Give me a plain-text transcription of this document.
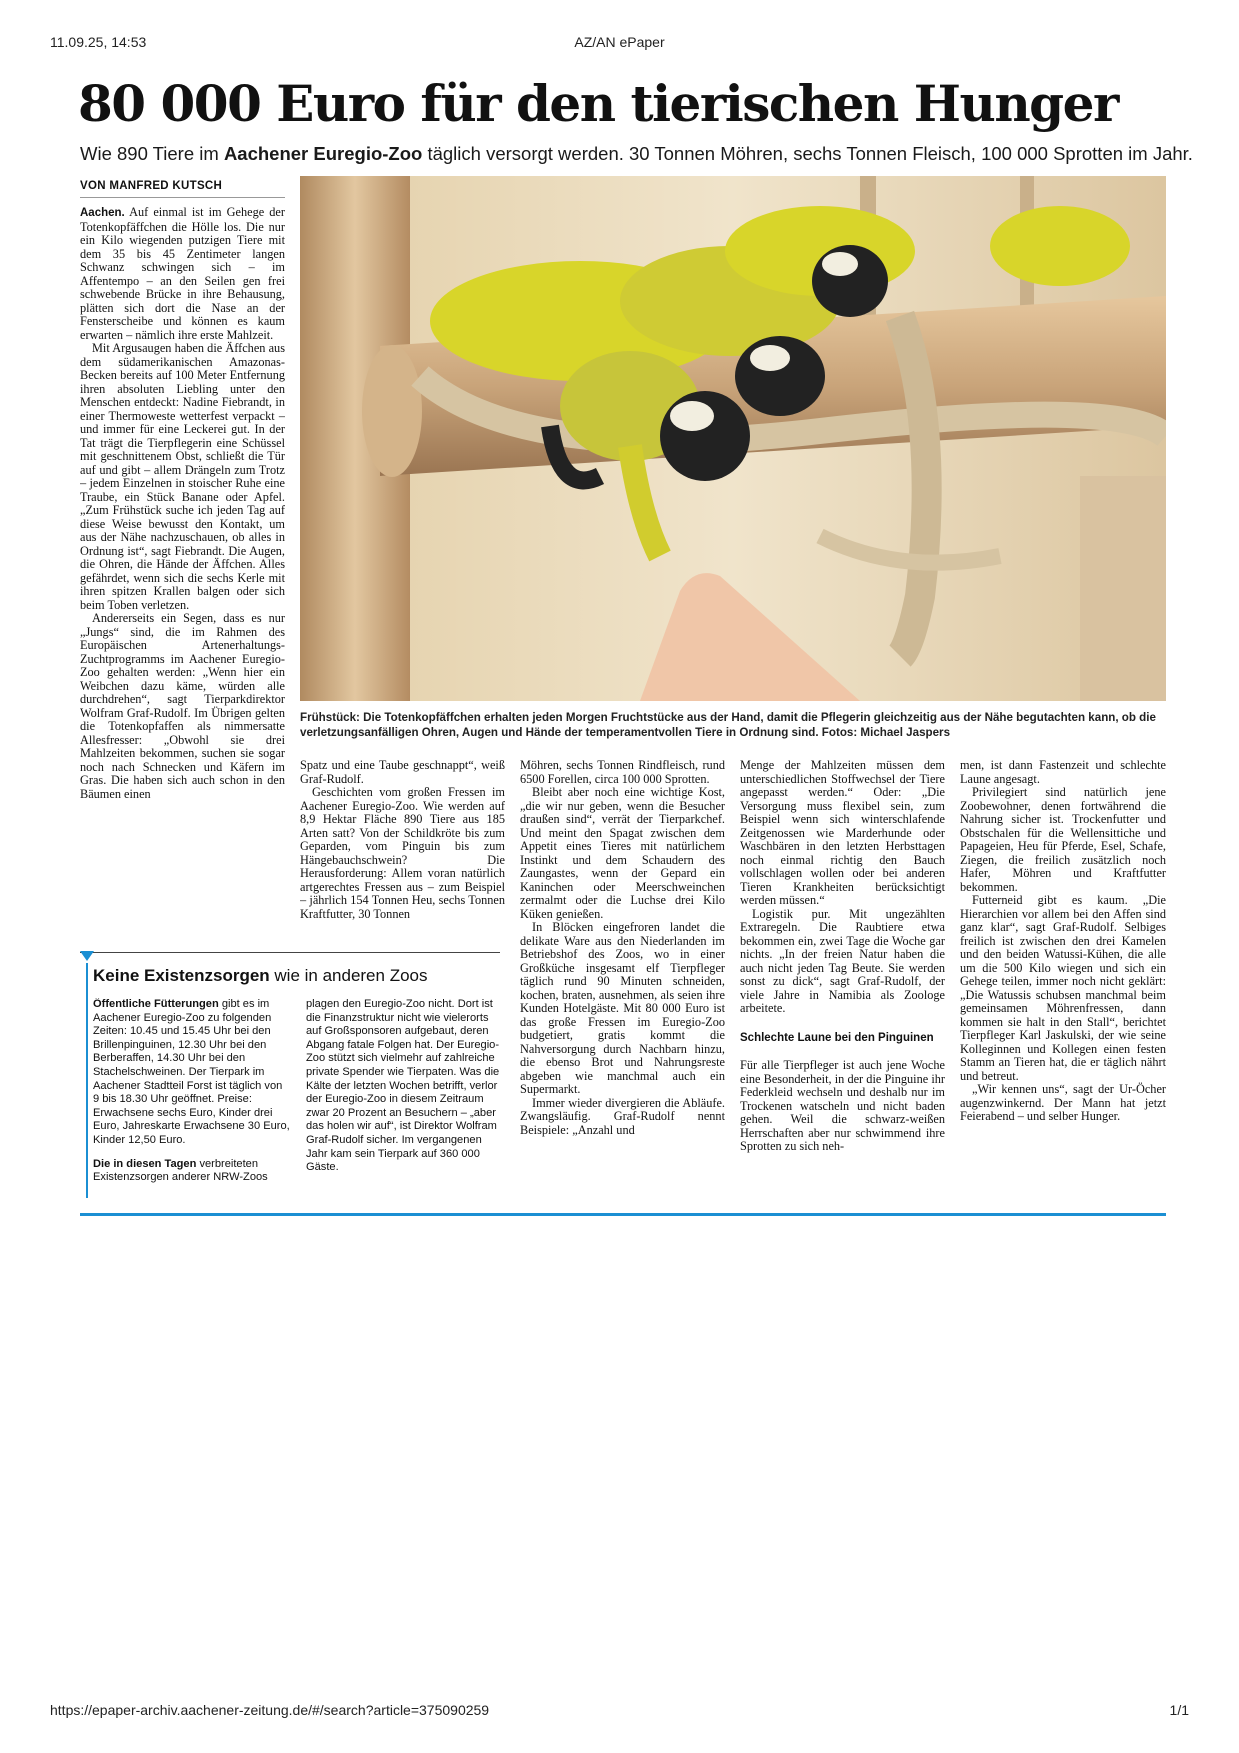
11.09.25, 14:53	AZ/AN ePaper
80 000 Euro für den tierischen Hunger

Wie 890 Tiere im Aachener Euregio-Zoo täglich versorgt werden. 30 Tonnen Möhren, sechs Tonnen Fleisch, 100 000 Sprotten im Jahr.

VON MANFRED KUTSCH

Aachen. Auf einmal ist im Gehege der Totenkopfäffchen die Hölle los. Die nur ein Kilo wiegenden putzigen Tiere mit dem 35 bis 45 Zentimeter langen Schwanz schwingen sich – im Affentempo – an den Seilen gen frei schwebende Brücke in ihre Behausung, plätten sich dort die Nase an der Fensterscheibe und können es kaum erwarten – nämlich ihre erste Mahlzeit.

Mit Argusaugen haben die Äffchen aus dem südamerikanischen Amazonas-Becken bereits auf 100 Meter Entfernung ihren absoluten Liebling unter den Menschen entdeckt: Nadine Fiebrandt, in einer Thermoweste wetterfest verpackt – und immer für eine Leckerei gut. In der Tat trägt die Tierpflegerin eine Schüssel mit geschnittenem Obst, schließt die Tür auf und gibt – allem Drängeln zum Trotz – jedem Einzelnen in stoischer Ruhe eine Traube, ein Stück Banane oder Apfel. „Zum Frühstück suche ich jeden Tag auf diese Weise bewusst den Kontakt, um aus der Nähe nachzuschauen, ob alles in Ordnung ist“, sagt Fiebrandt. Die Augen, die Ohren, die Hände der Äffchen. Alles gefährdet, wenn sich die sechs Kerle mit ihren spitzen Krallen balgen oder sich beim Toben verletzen.

Andererseits ein Segen, dass es nur „Jungs“ sind, die im Rahmen des Europäischen Artenerhaltungs-Zuchtprogramms im Aachener Euregio-Zoo gehalten werden: „Wenn hier ein Weibchen dazu käme, würden alle durchdrehen“, sagt Tierparkdirektor Wolfram Graf-Rudolf. Im Übrigen gelten die Totenkopfaffen als nimmersatte Allesfresser: „Obwohl sie drei Mahlzeiten bekommen, suchen sie sogar noch nach Schnecken und Käfern im Gras. Die haben sich auch schon in den Bäumen einen

Frühstück: Die Totenkopfäffchen erhalten jeden Morgen Fruchtstücke aus der Hand, damit die Pflegerin gleichzeitig aus der Nähe begutachten kann, ob die verletzungsanfälligen Ohren, Augen und Hände der temperamentvollen Tiere in Ordnung sind. Fotos: Michael Jaspers

Spatz und eine Taube geschnappt“, weiß Graf-Rudolf.

Geschichten vom großen Fressen im Aachener Euregio-Zoo. Wie werden auf 8,9 Hektar Fläche 890 Tiere aus 185 Arten satt? Von der Schildkröte bis zum Geparden, vom Pinguin bis zum Hängebauchschwein? Die Herausforderung: Allem voran natürlich artgerechtes Fressen aus – zum Beispiel – jährlich 154 Tonnen Heu, sechs Tonnen Kraftfutter, 30 Tonnen

Möhren, sechs Tonnen Rindfleisch, rund 6500 Forellen, circa 100 000 Sprotten.

Bleibt aber noch eine wichtige Kost, „die wir nur geben, wenn die Besucher draußen sind“, verrät der Tierparkchef. Und meint den Spagat zwischen dem Appetit eines Tieres mit natürlichem Instinkt und dem Schaudern des Zaungastes, wenn der Gepard ein Kaninchen oder Meerschweinchen zermalmt oder die Luchse drei Kilo Küken genießen.

In Blöcken eingefroren landet die delikate Ware aus den Niederlanden im Betriebshof des Zoos, wo in einer Großküche insgesamt elf Tierpfleger täglich rund 90 Minuten schneiden, kochen, braten, ausnehmen, als seien ihre Kunden Hotelgäste. Mit 80 000 Euro ist das große Fressen im Euregio-Zoo budgetiert, gratis kommt die Nahversorgung durch Nachbarn hinzu, die ebenso Brot und Nahrungsreste abgeben wie manchmal auch ein Supermarkt.

Immer wieder divergieren die Abläufe. Zwangsläufig. Graf-Rudolf nennt Beispiele: „Anzahl und

Menge der Mahlzeiten müssen dem unterschiedlichen Stoffwechsel der Tiere angepasst werden.“ Oder: „Die Versorgung muss flexibel sein, zum Beispiel wenn sich winterschlafende Zeitgenossen wie Marderhunde oder Waschbären in den letzten Herbsttagen noch einmal richtig den Bauch vollschlagen wollen oder bei anderen Tieren Krankheiten berücksichtigt werden müssen.“

Logistik pur. Mit ungezählten Extraregeln. Die Raubtiere etwa bekommen ein, zwei Tage die Woche gar nichts. „In der freien Natur haben die auch nicht jeden Tag Beute. Sie werden sonst zu dick“, sagt Graf-Rudolf, der viele Jahre in Namibia als Zoologe arbeitete.

Schlechte Laune bei den Pinguinen

Für alle Tierpfleger ist auch jene Woche eine Besonderheit, in der die Pinguine ihr Federkleid wechseln und deshalb nur im Trockenen watscheln und nicht baden gehen. Weil die schwarz-weißen Herrschaften aber nur schwimmend ihre Sprotten zu sich neh-

men, ist dann Fastenzeit und schlechte Laune angesagt.

Privilegiert sind natürlich jene Zoobewohner, denen fortwährend die Nahrung sicher ist. Trockenfutter und Obstschalen für die Wellensittiche und Papageien, Heu für Pferde, Esel, Schafe, Ziegen, die freilich zusätzlich noch Hafer, Möhren und Kraftfutter bekommen.

Futterneid gibt es kaum. „Die Hierarchien vor allem bei den Affen sind ganz klar“, sagt Graf-Rudolf. Selbiges freilich ist zwischen den drei Kamelen und den beiden Watussi-Kühen, die alle um die 500 Kilo wiegen und sich ein Gehege teilen, immer noch nicht geklärt: „Die Watussis schubsen manchmal beim gemeinsamen Möhrenfressen, dann kommen sie halt in den Stall“, berichtet Tierpfleger Karl Jaskulski, der wie seine Kolleginnen und Kollegen einen festen Stamm an Tieren hat, die er täglich nährt und betreut.

„Wir kennen uns“, sagt der Ur-Öcher augenzwinkernd. Der Mann hat jetzt Feierabend – und selber Hunger.

Keine Existenzsorgen wie in anderen Zoos

Öffentliche Fütterungen gibt es im Aachener Euregio-Zoo zu folgenden Zeiten: 10.45 und 15.45 Uhr bei den Brillenpinguinen, 12.30 Uhr bei den Berberaffen, 14.30 Uhr bei den Stachelschweinen. Der Tierpark im Aachener Stadtteil Forst ist täglich von 9 bis 18.30 Uhr geöffnet. Preise: Erwachsene sechs Euro, Kinder drei Euro, Jahreskarte Erwachsene 30 Euro, Kinder 12,50 Euro.

Die in diesen Tagen verbreiteten Existenzsorgen anderer NRW-Zoos

plagen den Euregio-Zoo nicht. Dort ist die Finanzstruktur nicht wie vielerorts auf Großsponsoren aufgebaut, deren Abgang fatale Folgen hat. Der Euregio-Zoo stützt sich vielmehr auf zahlreiche private Spender wie Tierpaten. Was die Kälte der letzten Wochen betrifft, verlor der Euregio-Zoo in diesem Zeitraum zwar 20 Prozent an Besuchern – „aber das holen wir auf“, ist Direktor Wolfram Graf-Rudolf sicher. Im vergangenen Jahr kam sein Tierpark auf 360 000 Gäste.

https://epaper-archiv.aachener-zeitung.de/#/search?article=375090259	1/1
